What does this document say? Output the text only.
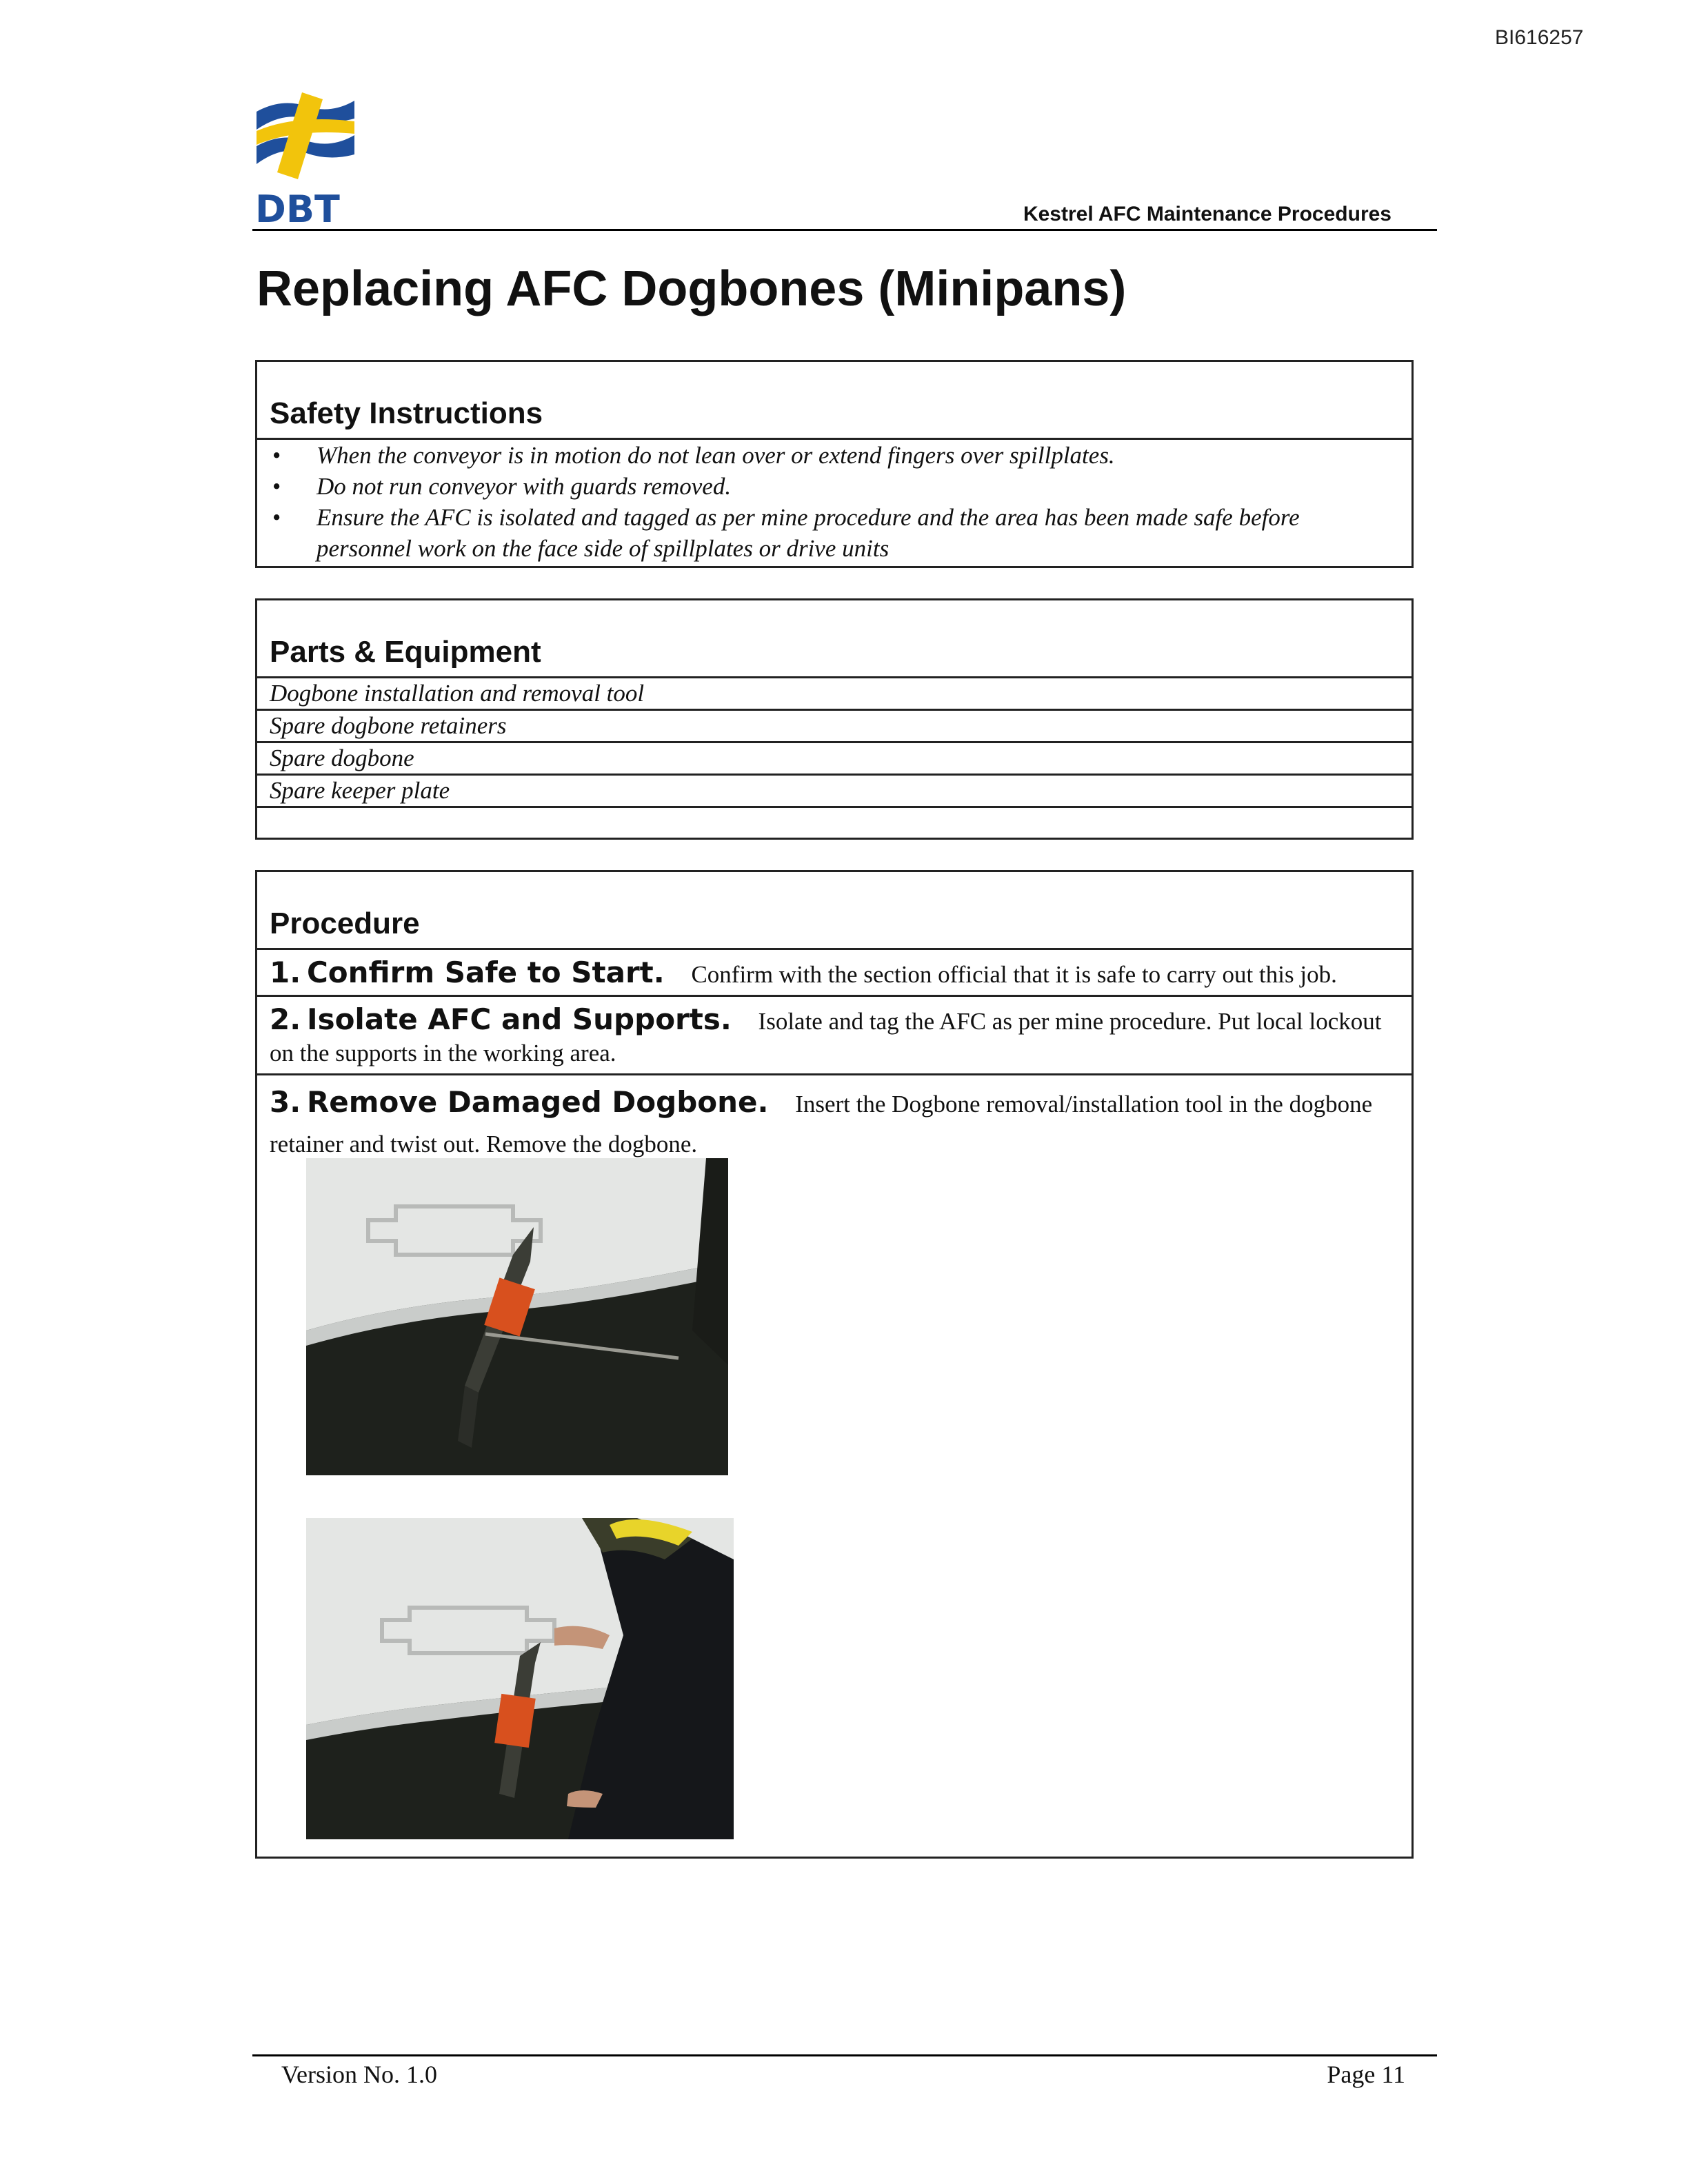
BI616257
DBT	Kestrel AFC Maintenance Procedures
Replacing AFC Dogbones (Minipans)
Safety Instructions
• When the conveyor is in motion do not lean over or extend fingers over spillplates.
• Do not run conveyor with guards removed.
• Ensure the AFC is isolated and tagged as per mine procedure and the area has been made safe before personnel work on the face side of spillplates or drive units
Parts & Equipment
Dogbone installation and removal tool
Spare dogbone retainers
Spare dogbone
Spare keeper plate
Procedure
1. Confirm Safe to Start. Confirm with the section official that it is safe to carry out this job.
2. Isolate AFC and Supports. Isolate and tag the AFC as per mine procedure. Put local lockout on the supports in the working area.
3. Remove Damaged Dogbone. Insert the Dogbone removal/installation tool in the dogbone retainer and twist out. Remove the dogbone.
Version No. 1.0	Page 11
